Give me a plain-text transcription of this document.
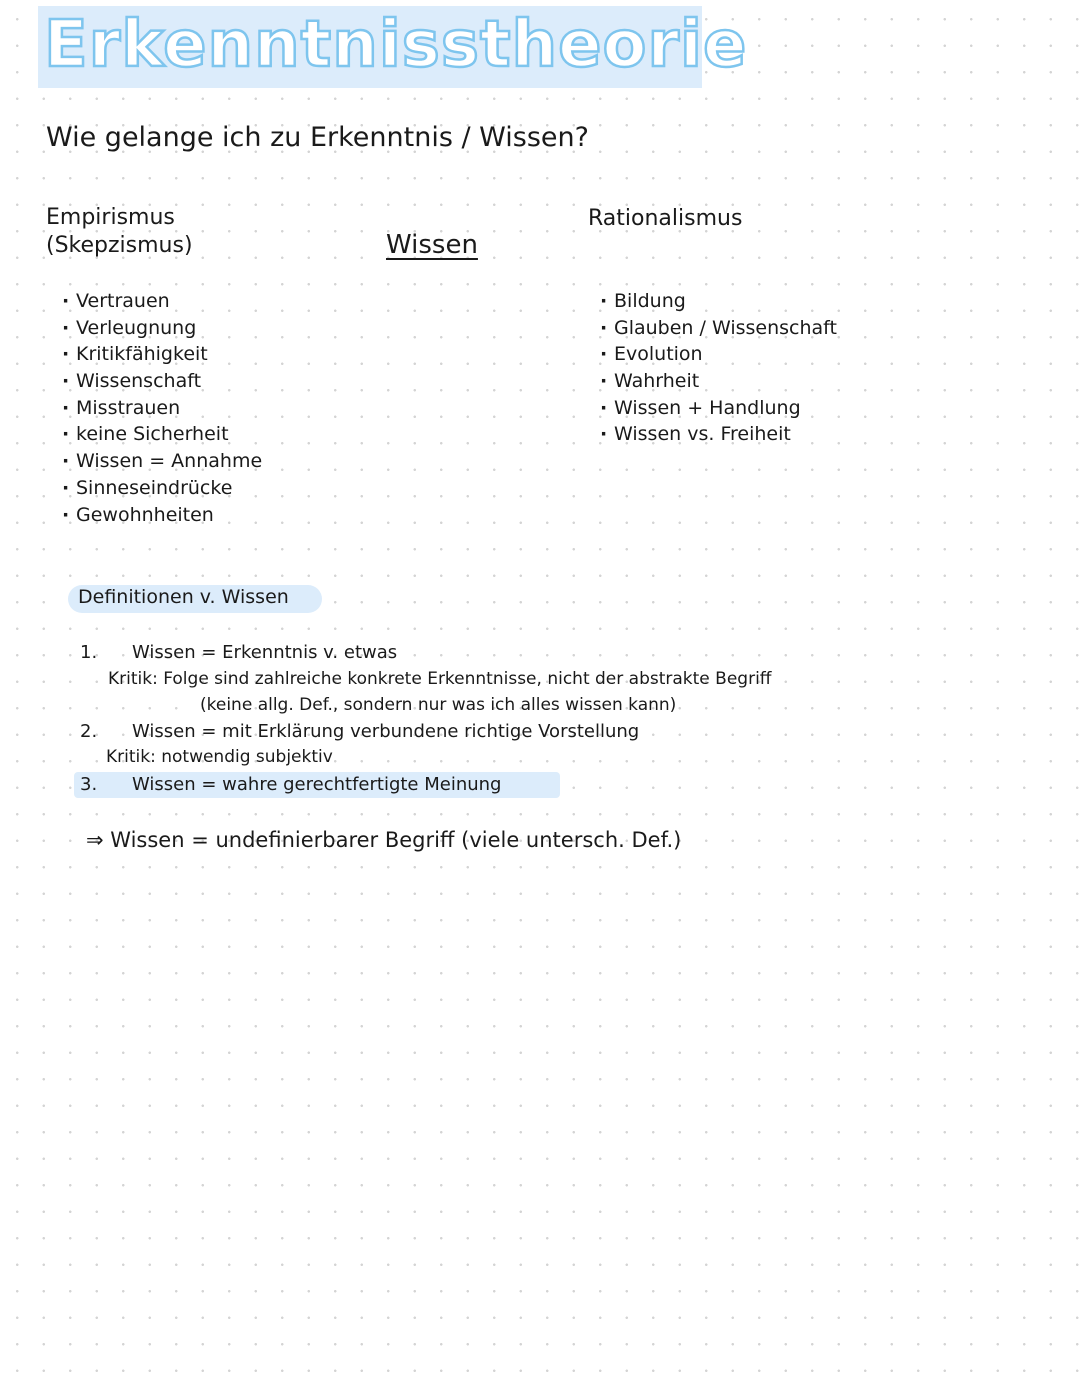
Erkenntnisstheorie
Wie gelange ich zu Erkenntnis / Wissen?
Empirismus
(Skepzismus)	Wissen
Rationalismus
· Vertrauen
· Verleugnung
· Kritikfähigkeit
· Wissenschaft
· Misstrauen
· keine Sicherheit
· Wissen = Annahme
· Sinneseindrücke
· Gewohnheiten
· Bildung
· Glauben / Wissenschaft
· Evolution
· Wahrheit
· Wissen + Handlung
· Wissen vs. Freiheit
Definitionen v. Wissen
1. Wissen = Erkenntnis v. etwas
Kritik: Folge sind zahlreiche konkrete Erkenntnisse, nicht der abstrakte Begriff
(keine allg. Def., sondern nur was ich alles wissen kann)
2. Wissen = mit Erklärung verbundene richtige Vorstellung
Kritik: notwendig subjektiv
3. Wissen = wahre gerechtfertigte Meinung
⇒ Wissen = undefinierbarer Begriff (viele untersch. Def.)
